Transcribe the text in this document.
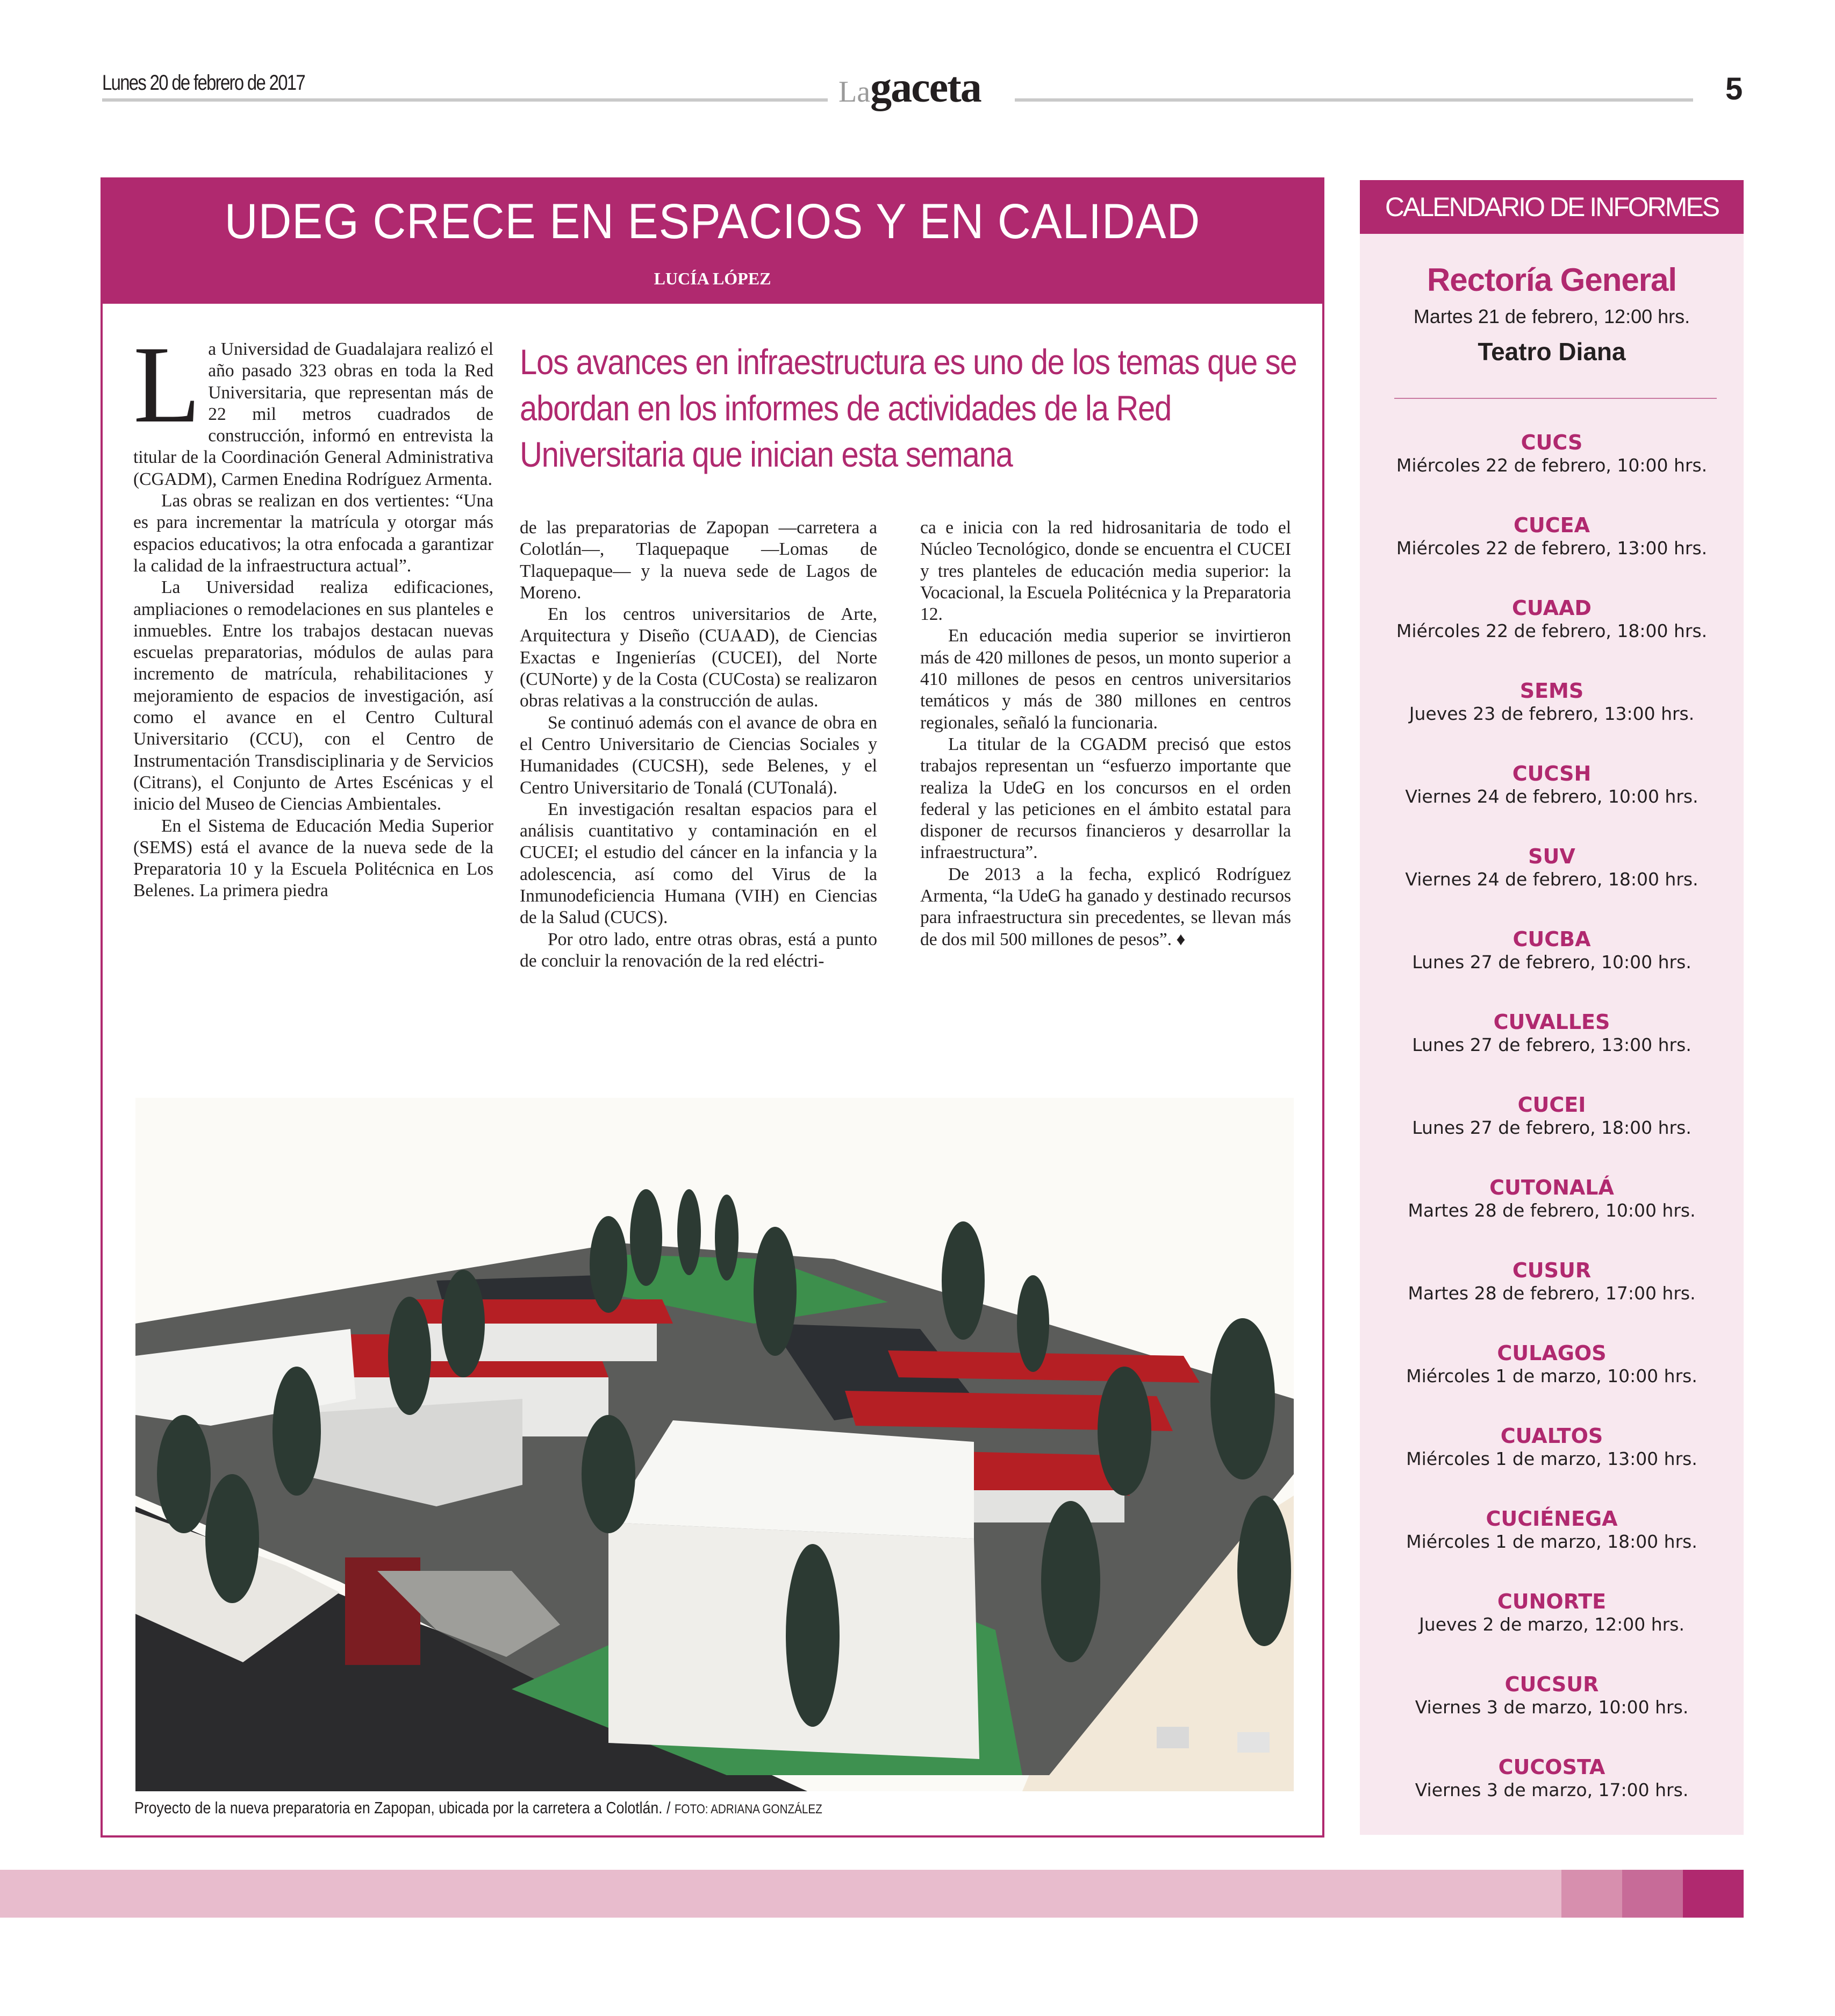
Lunes 20 de febrero de 2017	Lagaceta	5
UDEG CRECE EN ESPACIOS Y EN CALIDAD
LUCÍA LÓPEZ
Los avances en infraestructura es uno de los temas que se abordan en los informes de actividades de la Red Universitaria que inician esta semana

La Universidad de Guadalajara realizó el año pasado 323 obras en toda la Red Universitaria, que representan más de 22 mil metros cuadrados de construcción, informó en entrevista la titular de la Coordinación General Administrativa (CGADM), Carmen Enedina Rodríguez Armenta.

Las obras se realizan en dos vertientes: “Una es para incrementar la matrícula y otorgar más espacios educativos; la otra enfocada a garantizar la calidad de la infraestructura actual”.

La Universidad realiza edificaciones, ampliaciones o remodelaciones en sus planteles e inmuebles. Entre los trabajos destacan nuevas escuelas preparatorias, módulos de aulas para incremento de matrícula, rehabilitaciones y mejoramiento de espacios de investigación, así como el avance en el Centro Cultural Universitario (CCU), con el Centro de Instrumentación Transdisciplinaria y de Servicios (Citrans), el Conjunto de Artes Escénicas y el inicio del Museo de Ciencias Ambientales.

En el Sistema de Educación Media Superior (SEMS) está el avance de la nueva sede de la Preparatoria 10 y la Escuela Politécnica en Los Belenes. La primera piedra

de las preparatorias de Zapopan —carretera a Colotlán—, Tlaquepaque —Lomas de Tlaquepaque— y la nueva sede de Lagos de Moreno.

En los centros universitarios de Arte, Arquitectura y Diseño (CUAAD), de Ciencias Exactas e Ingenierías (CUCEI), del Norte (CUNorte) y de la Costa (CUCosta) se realizaron obras relativas a la construcción de aulas.

Se continuó además con el avance de obra en el Centro Universitario de Ciencias Sociales y Humanidades (CUCSH), sede Belenes, y el Centro Universitario de Tonalá (CUTonalá).

En investigación resaltan espacios para el análisis cuantitativo y contaminación en el CUCEI; el estudio del cáncer en la infancia y la adolescencia, así como del Virus de la Inmunodeficiencia Humana (VIH) en Ciencias de la Salud (CUCS).

Por otro lado, entre otras obras, está a punto de concluir la renovación de la red eléctri-

ca e inicia con la red hidrosanitaria de todo el Núcleo Tecnológico, donde se encuentra el CUCEI y tres planteles de educación media superior: la Vocacional, la Escuela Politécnica y la Preparatoria 12.

En educación media superior se invirtieron más de 420 millones de pesos, un monto superior a 410 millones de pesos en centros universitarios temáticos y más de 380 millones en centros regionales, señaló la funcionaria.

La titular de la CGADM precisó que estos trabajos representan un “esfuerzo importante que realiza la UdeG en los concursos en el orden federal y las peticiones en el ámbito estatal para disponer de recursos financieros y desarrollar la infraestructura”.

De 2013 a la fecha, explicó Rodríguez Armenta, “la UdeG ha ganado y destinado recursos para infraestructura sin precedentes, se llevan más de dos mil 500 millones de pesos”. ♦

Proyecto de la nueva preparatoria en Zapopan, ubicada por la carretera a Colotlán. / FOTO: ADRIANA GONZÁLEZ
CALENDARIO DE INFORMES
Rectoría General
Martes 21 de febrero, 12:00 hrs.
Teatro Diana
CUCS
Miércoles 22 de febrero, 10:00 hrs.
CUCEA
Miércoles 22 de febrero, 13:00 hrs.
CUAAD
Miércoles 22 de febrero, 18:00 hrs.
SEMS
Jueves 23 de febrero, 13:00 hrs.
CUCSH
Viernes 24 de febrero, 10:00 hrs.
SUV
Viernes 24 de febrero, 18:00 hrs.
CUCBA
Lunes 27 de febrero, 10:00 hrs.
CUVALLES
Lunes 27 de febrero, 13:00 hrs.
CUCEI
Lunes 27 de febrero, 18:00 hrs.
CUTONALÁ
Martes 28 de febrero, 10:00 hrs.
CUSUR
Martes 28 de febrero, 17:00 hrs.
CULAGOS
Miércoles 1 de marzo, 10:00 hrs.
CUALTOS
Miércoles 1 de marzo, 13:00 hrs.
CUCIÉNEGA
Miércoles 1 de marzo, 18:00 hrs.
CUNORTE
Jueves 2 de marzo, 12:00 hrs.
CUCSUR
Viernes 3 de marzo, 10:00 hrs.
CUCOSTA
Viernes 3 de marzo, 17:00 hrs.
